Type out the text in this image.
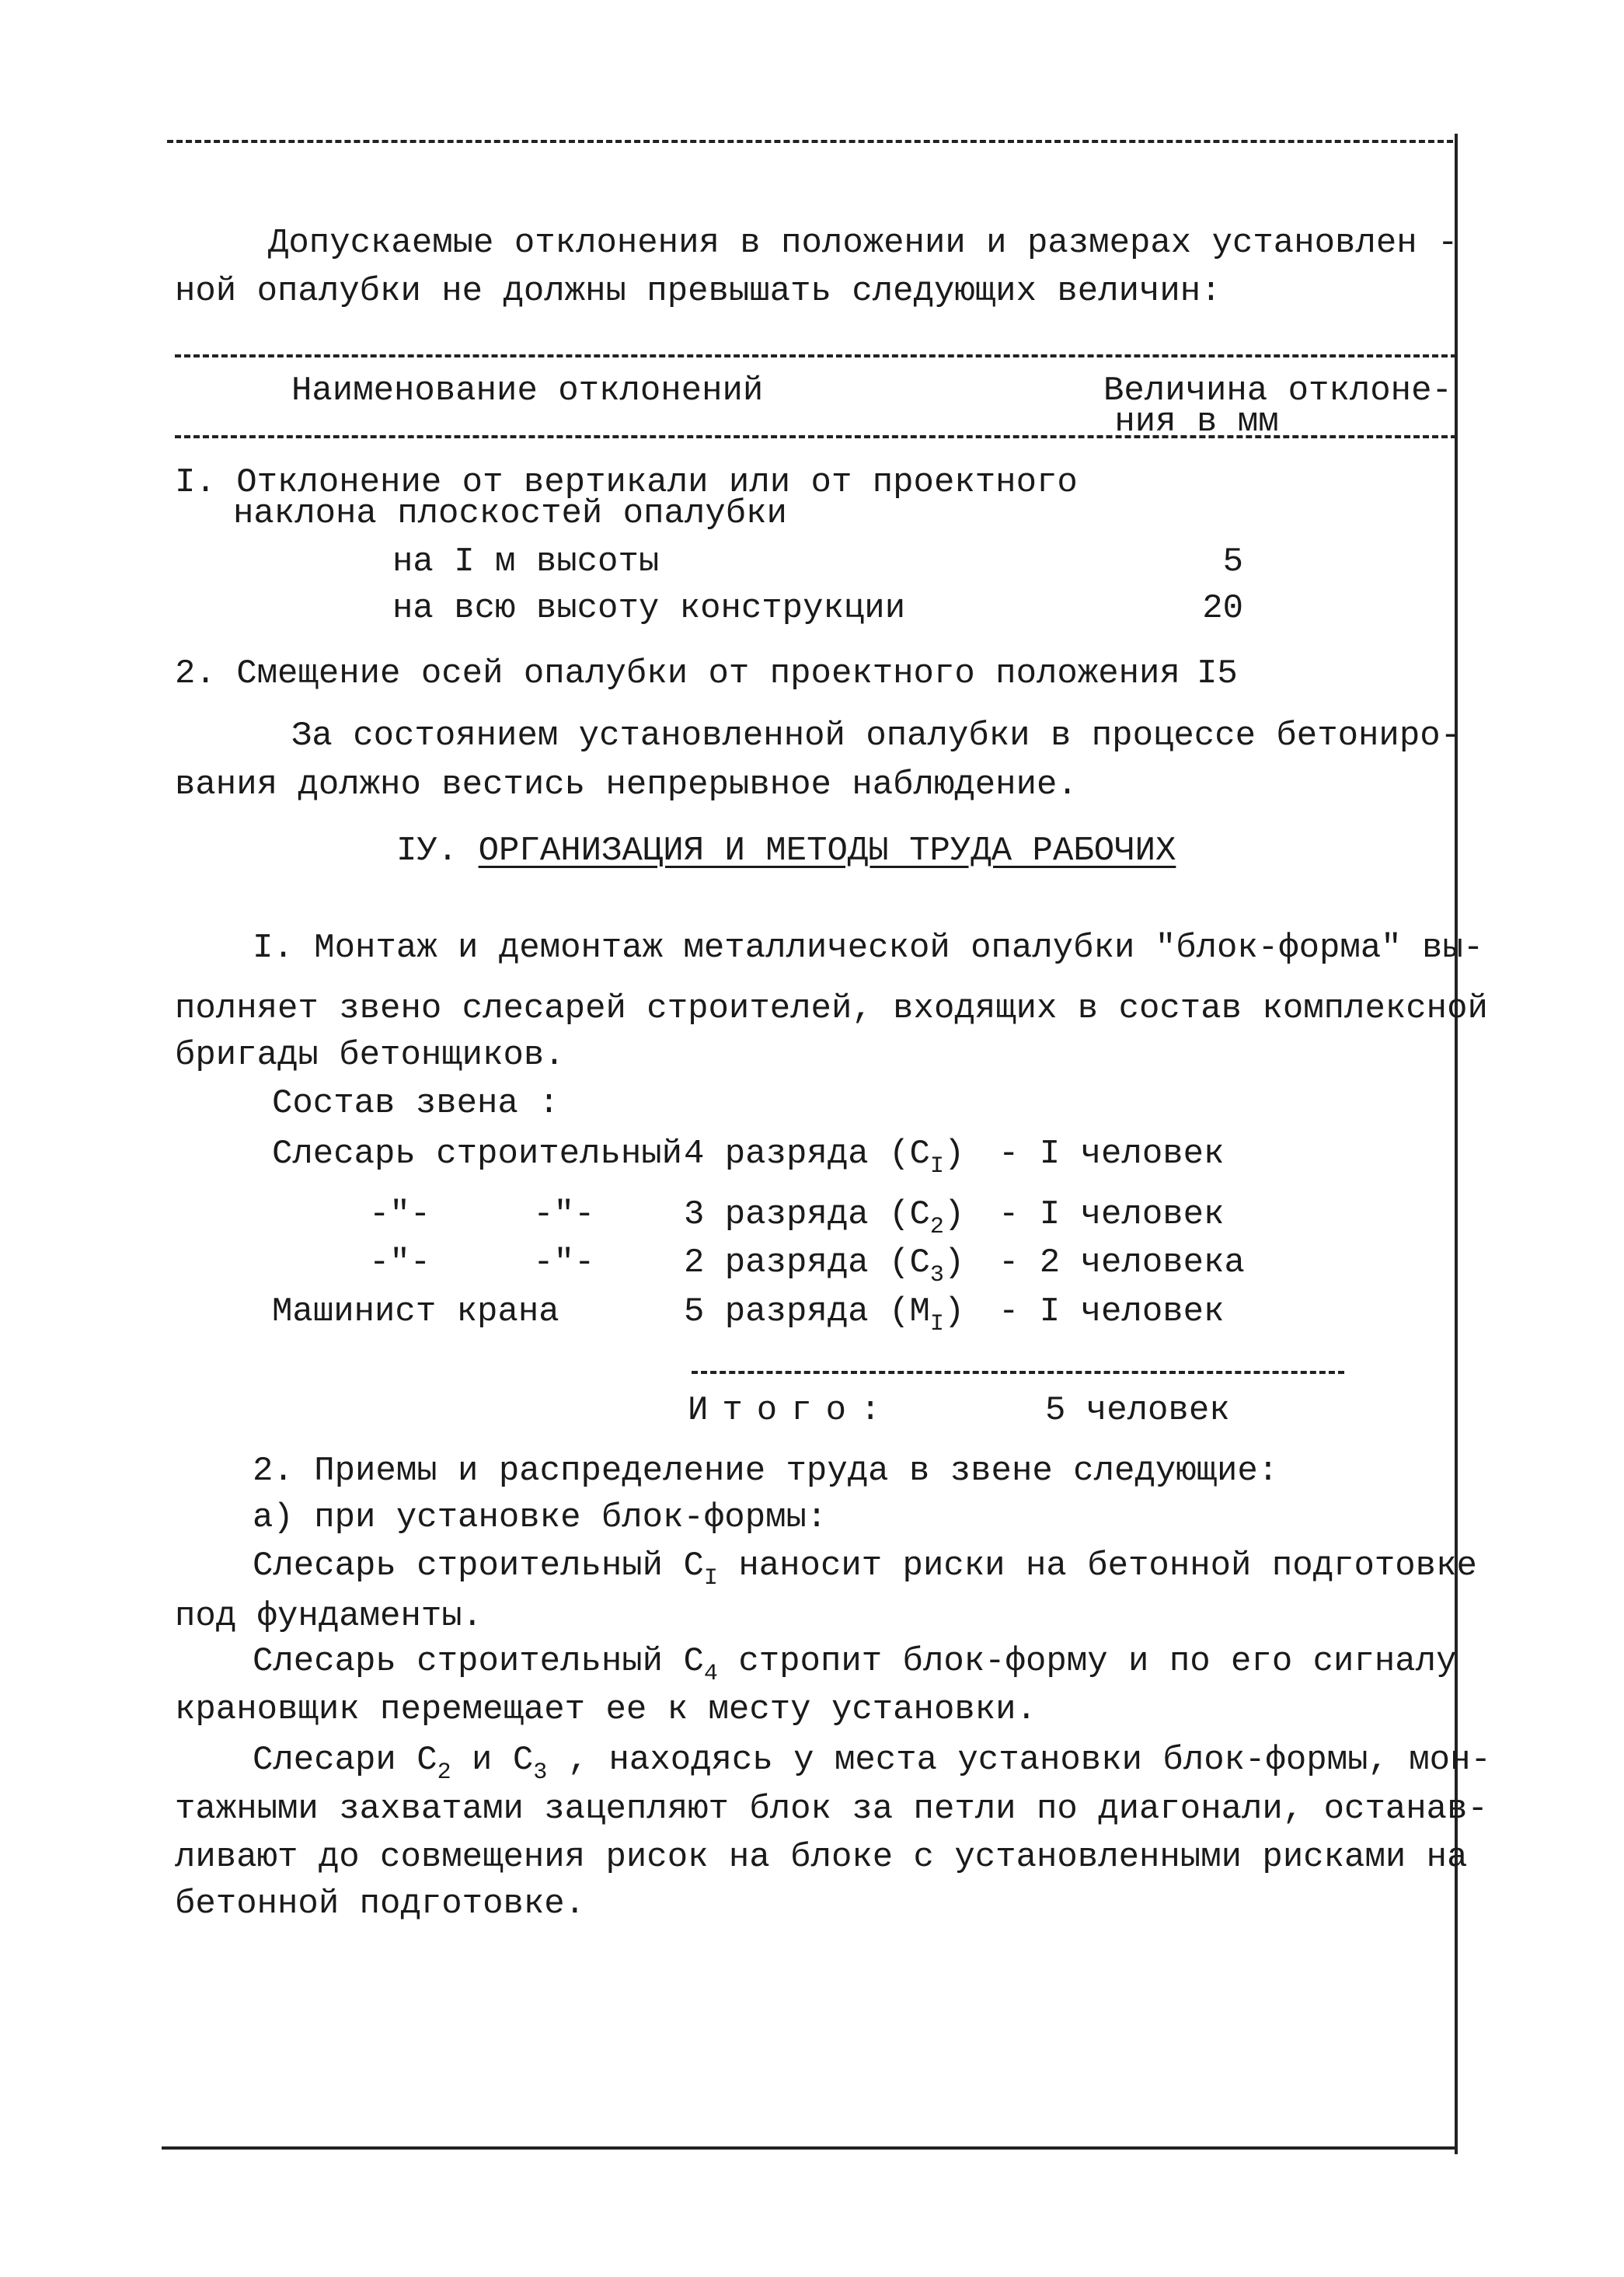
Допускаемые отклонения в положении и размерах установлен -
ной опалубки не должны превышать следующих величин:
Наименование отклонений	Величина отклоне-
ния в мм
I. Отклонение от вертикали или от проектного
наклона плоскостей опалубки
на I м высоты	5
на всю высоту конструкции	20
2. Смещение осей опалубки от проектного положения I5
За состоянием установленной опалубки в процессе бетониро-
вания должно вестись непрерывное наблюдение.
IУ. ОРГАНИЗАЦИЯ И МЕТОДЫ ТРУДА РАБОЧИХ
I. Монтаж и демонтаж металлической опалубки "блок-форма" вы-
полняет звено слесарей строителей, входящих в состав комплексной
бригады бетонщиков.
Состав звена :
Слесарь строительный 4 разряда $(С_I)$ - I человек
-"-     -"-	3 разряда $(С_2)$ - I человек
-"-     -"-	2 разряда $(С_3) - 2$ человека
Машинист крана	5 разряда $(М_I)$ - I человек
Итого:	5 человек
2. Приемы и распределение труда в звене следующие:
а) при установке блок-формы:
Слесарь строительный $С_I$ наносит риски на бетонной подготовке
под фундаменты.
Слесарь строительный $С_4$ стропит блок-форму и по его сигналу
крановщик перемещает ее к месту установки.
Слесари $С_2$ и $С_3$ , находясь у места установки блок-формы, мон-
тажными захватами зацепляют блок за петли по диагонали, останав-
ливают до совмещения рисок на блоке с установленными рисками на
бетонной подготовке.
